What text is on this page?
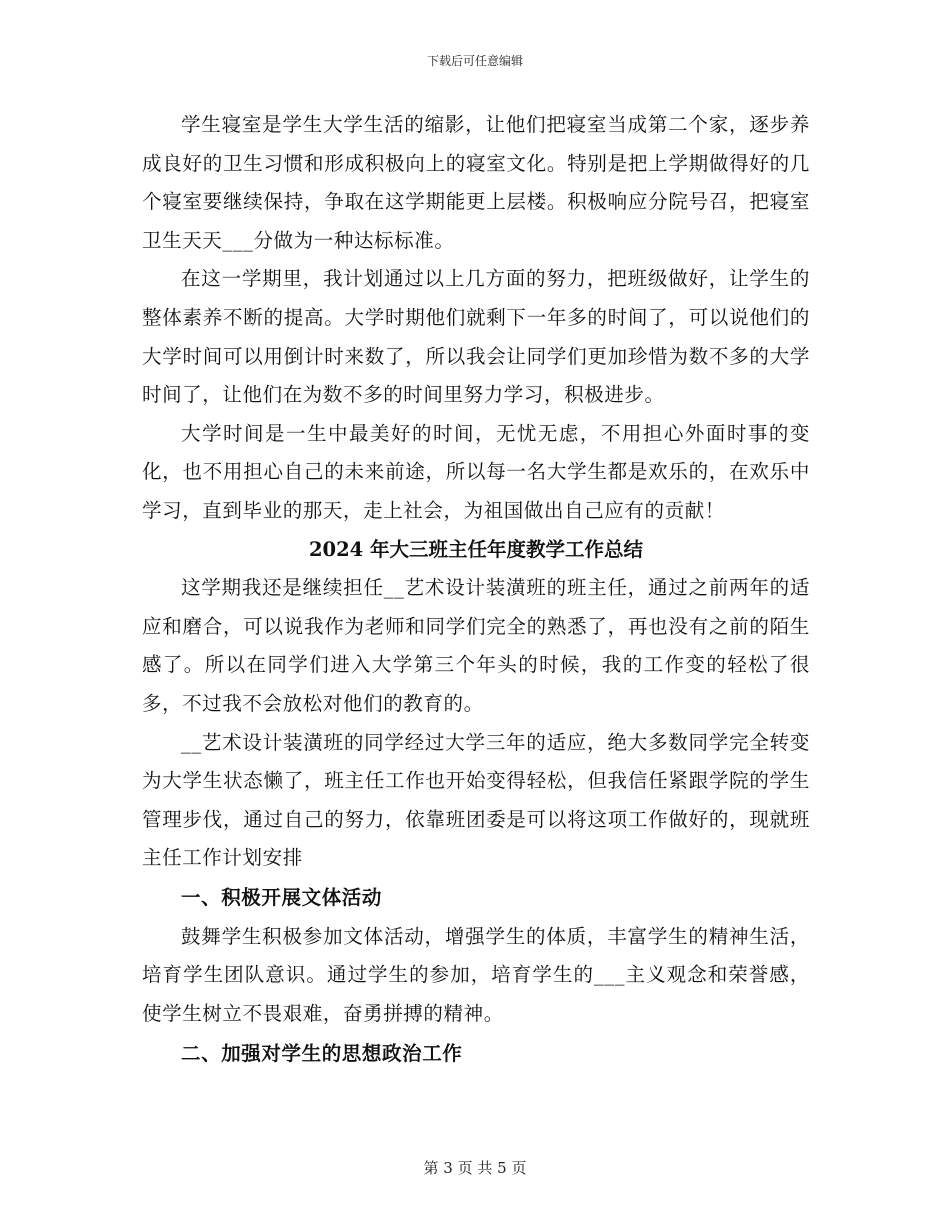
下载后可任意编辑

学生寝室是学生大学生活的缩影，让他们把寝室当成第二个家，逐步养成良好的卫生习惯和形成积极向上的寝室文化。特别是把上学期做得好的几个寝室要继续保持，争取在这学期能更上层楼。积极响应分院号召，把寝室卫生天天___分做为一种达标标准。

在这一学期里，我计划通过以上几方面的努力，把班级做好，让学生的整体素养不断的提高。大学时期他们就剩下一年多的时间了，可以说他们的大学时间可以用倒计时来数了，所以我会让同学们更加珍惜为数不多的大学时间了，让他们在为数不多的时间里努力学习，积极进步。

大学时间是一生中最美好的时间，无忧无虑，不用担心外面时事的变化，也不用担心自己的未来前途，所以每一名大学生都是欢乐的，在欢乐中学习，直到毕业的那天，走上社会，为祖国做出自己应有的贡献！

2024 年大三班主任年度教学工作总结

这学期我还是继续担任__艺术设计装潢班的班主任，通过之前两年的适应和磨合，可以说我作为老师和同学们完全的熟悉了，再也没有之前的陌生感了。所以在同学们进入大学第三个年头的时候，我的工作变的轻松了很多，不过我不会放松对他们的教育的。

__艺术设计装潢班的同学经过大学三年的适应，绝大多数同学完全转变为大学生状态懒了，班主任工作也开始变得轻松，但我信任紧跟学院的学生管理步伐，通过自己的努力，依靠班团委是可以将这项工作做好的，现就班主任工作计划安排

一、积极开展文体活动

鼓舞学生积极参加文体活动，增强学生的体质，丰富学生的精神生活，培育学生团队意识。通过学生的参加，培育学生的___主义观念和荣誉感，使学生树立不畏艰难，奋勇拼搏的精神。

二、加强对学生的思想政治工作

第 3 页 共 5 页
